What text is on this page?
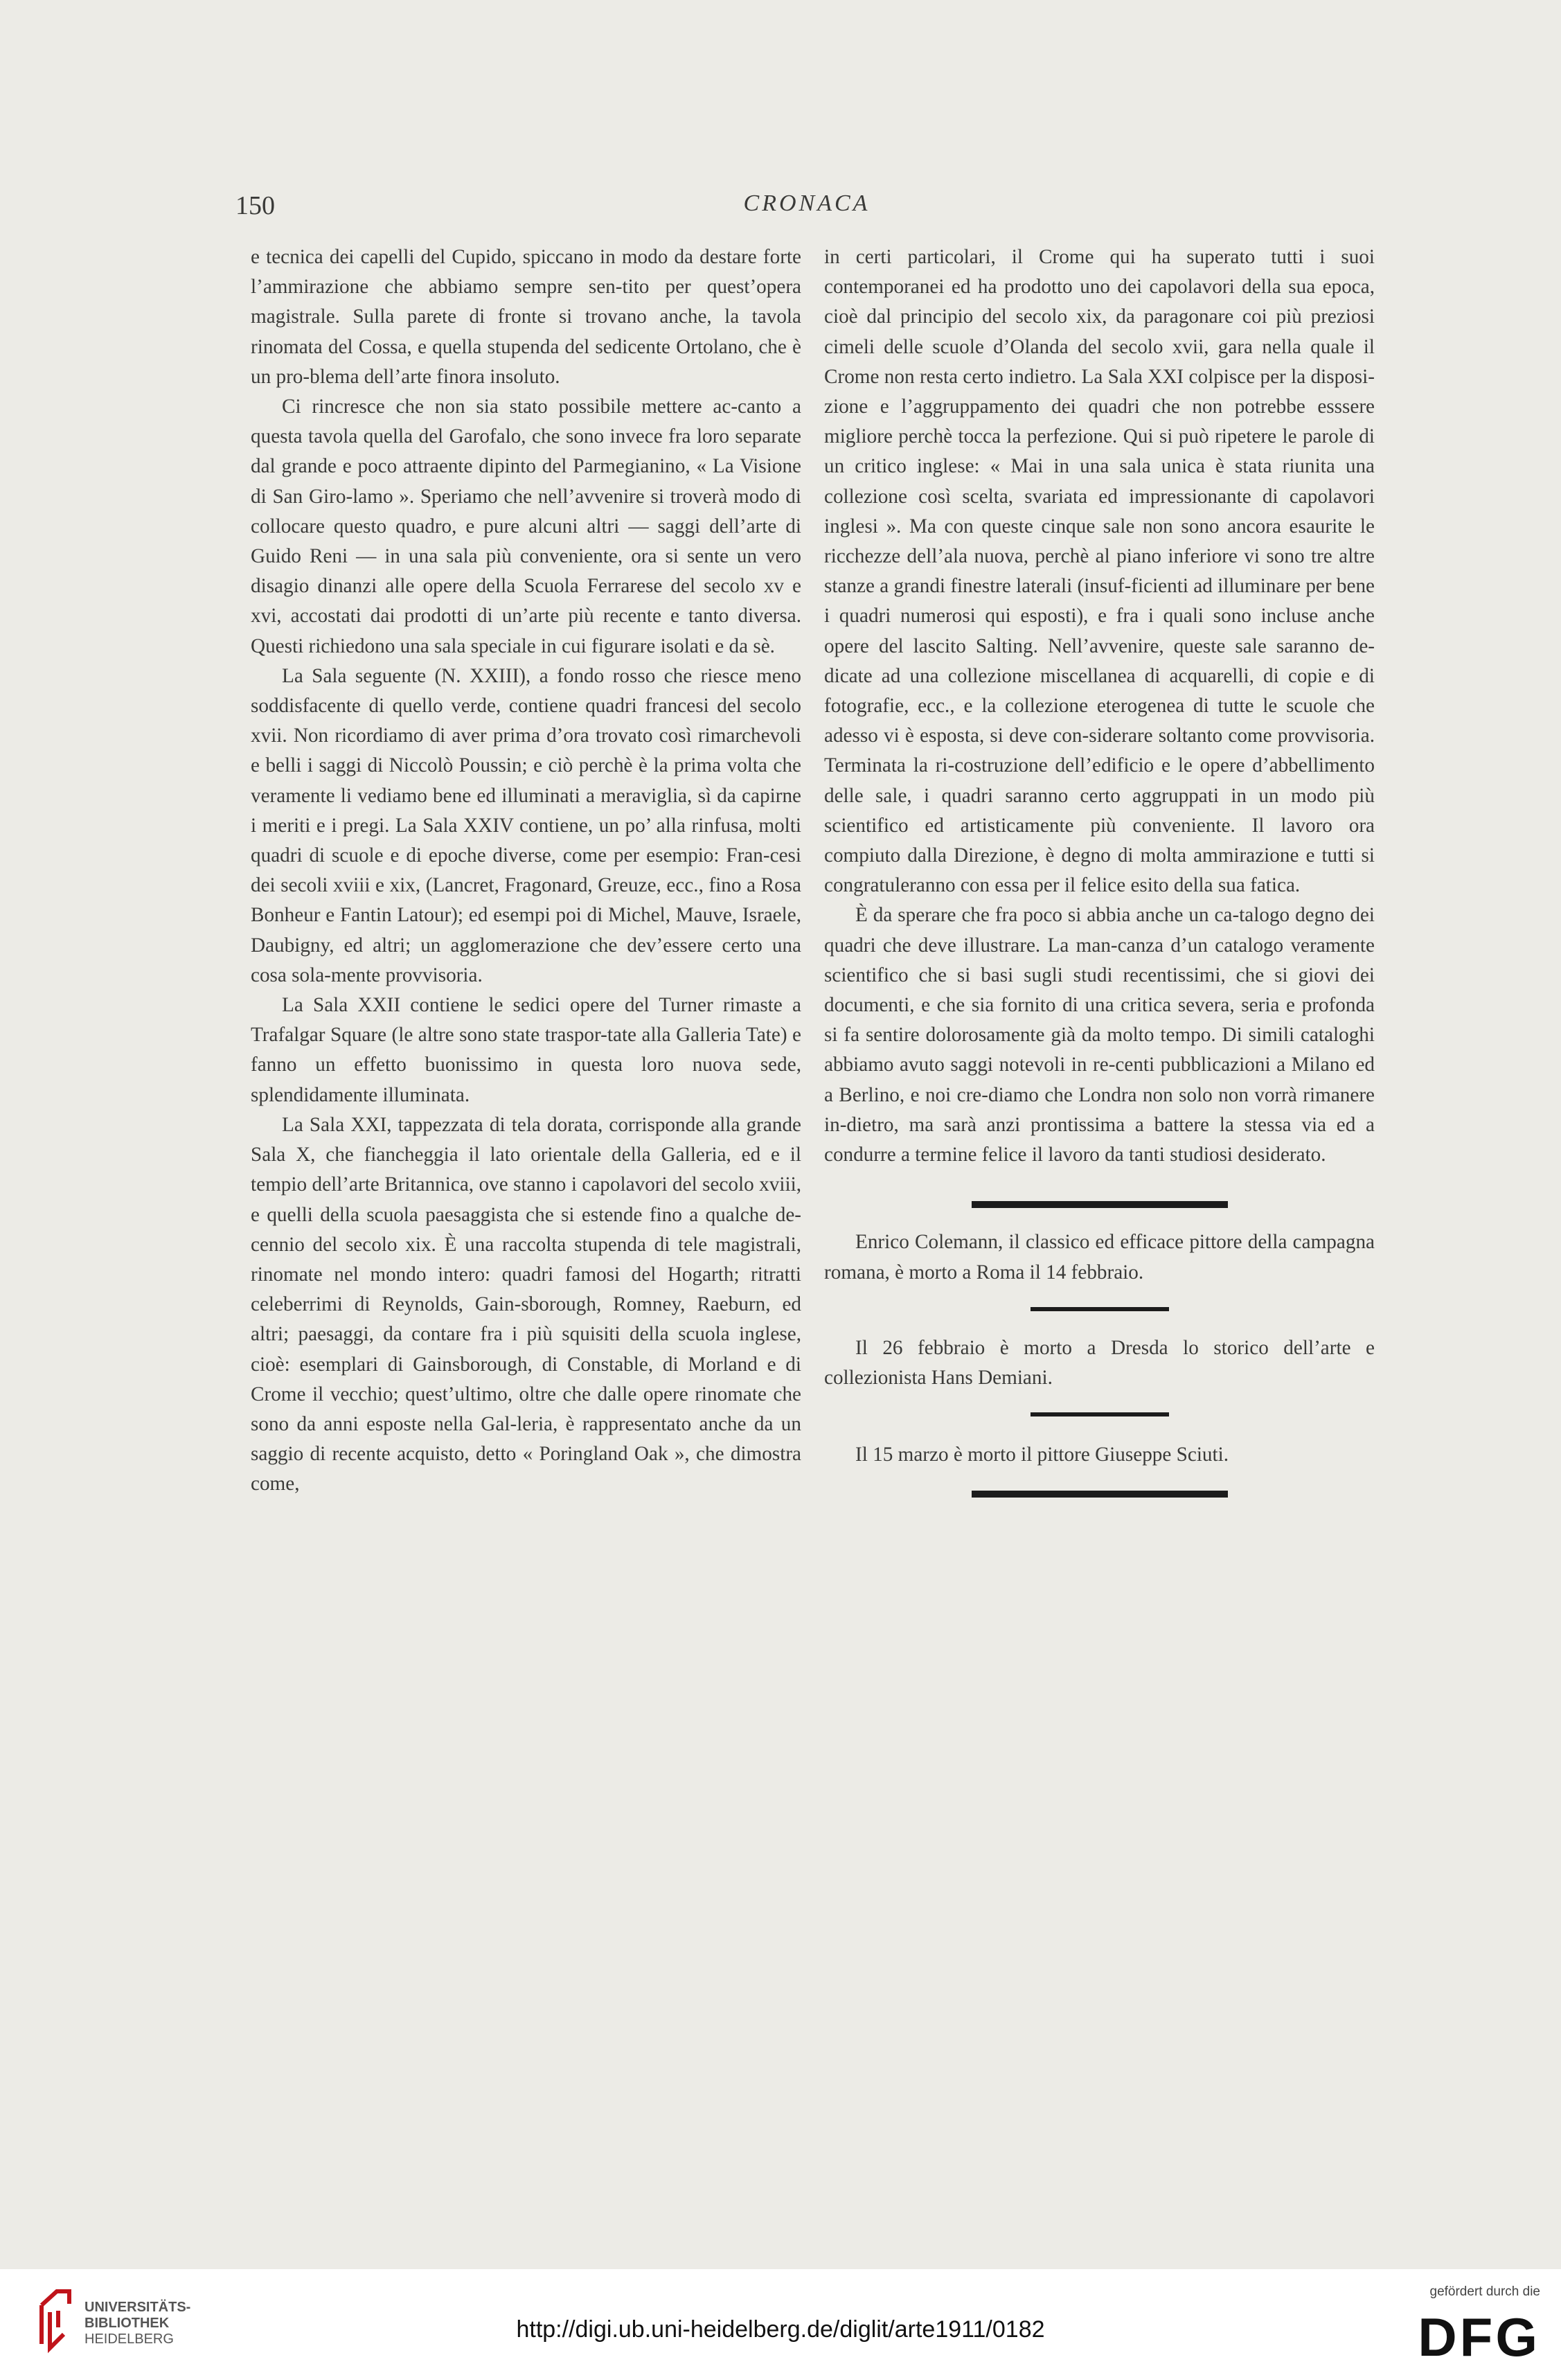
150	CRONACA

e tecnica dei capelli del Cupido, spiccano in modo da destare forte l’ammirazione che abbiamo sempre sen-tito per quest’opera magistrale. Sulla parete di fronte si trovano anche, la tavola rinomata del Cossa, e quella stupenda del sedicente Ortolano, che è un pro-blema dell’arte finora insoluto.

Ci rincresce che non sia stato possibile mettere ac-canto a questa tavola quella del Garofalo, che sono invece fra loro separate dal grande e poco attraente dipinto del Parmegianino, « La Visione di San Giro-lamo ». Speriamo che nell’avvenire si troverà modo di collocare questo quadro, e pure alcuni altri — saggi dell’arte di Guido Reni — in una sala più conveniente, ora si sente un vero disagio dinanzi alle opere della Scuola Ferrarese del secolo xv e xvi, accostati dai prodotti di un’arte più recente e tanto diversa. Questi richiedono una sala speciale in cui figurare isolati e da sè.

La Sala seguente (N. XXIII), a fondo rosso che riesce meno soddisfacente di quello verde, contiene quadri francesi del secolo xvii. Non ricordiamo di aver prima d’ora trovato così rimarchevoli e belli i saggi di Niccolò Poussin; e ciò perchè è la prima volta che veramente li vediamo bene ed illuminati a meraviglia, sì da capirne i meriti e i pregi. La Sala XXIV contiene, un po’ alla rinfusa, molti quadri di scuole e di epoche diverse, come per esempio: Fran-cesi dei secoli xviii e xix, (Lancret, Fragonard, Greuze, ecc., fino a Rosa Bonheur e Fantin Latour); ed esempi poi di Michel, Mauve, Israele, Daubigny, ed altri; un agglomerazione che dev’essere certo una cosa sola-mente provvisoria.

La Sala XXII contiene le sedici opere del Turner rimaste a Trafalgar Square (le altre sono state traspor-tate alla Galleria Tate) e fanno un effetto buonissimo in questa loro nuova sede, splendidamente illuminata.

La Sala XXI, tappezzata di tela dorata, corrisponde alla grande Sala X, che fiancheggia il lato orientale della Galleria, ed e il tempio dell’arte Britannica, ove stanno i capolavori del secolo xviii, e quelli della scuola paesaggista che si estende fino a qualche de-cennio del secolo xix. È una raccolta stupenda di tele magistrali, rinomate nel mondo intero: quadri famosi del Hogarth; ritratti celeberrimi di Reynolds, Gain-sborough, Romney, Raeburn, ed altri; paesaggi, da contare fra i più squisiti della scuola inglese, cioè: esemplari di Gainsborough, di Constable, di Morland e di Crome il vecchio; quest’ultimo, oltre che dalle opere rinomate che sono da anni esposte nella Gal-leria, è rappresentato anche da un saggio di recente acquisto, detto « Poringland Oak », che dimostra come,

in certi particolari, il Crome qui ha superato tutti i suoi contemporanei ed ha prodotto uno dei capolavori della sua epoca, cioè dal principio del secolo xix, da paragonare coi più preziosi cimeli delle scuole d’Olanda del secolo xvii, gara nella quale il Crome non resta certo indietro. La Sala XXI colpisce per la disposi-zione e l’aggruppamento dei quadri che non potrebbe esssere migliore perchè tocca la perfezione. Qui si può ripetere le parole di un critico inglese: « Mai in una sala unica è stata riunita una collezione così scelta, svariata ed impressionante di capolavori inglesi ». Ma con queste cinque sale non sono ancora esaurite le ricchezze dell’ala nuova, perchè al piano inferiore vi sono tre altre stanze a grandi finestre laterali (insuf-ficienti ad illuminare per bene i quadri numerosi qui esposti), e fra i quali sono incluse anche opere del lascito Salting. Nell’avvenire, queste sale saranno de-dicate ad una collezione miscellanea di acquarelli, di copie e di fotografie, ecc., e la collezione eterogenea di tutte le scuole che adesso vi è esposta, si deve con-siderare soltanto come provvisoria. Terminata la ri-costruzione dell’edificio e le opere d’abbellimento delle sale, i quadri saranno certo aggruppati in un modo più scientifico ed artisticamente più conveniente. Il lavoro ora compiuto dalla Direzione, è degno di molta ammirazione e tutti si congratuleranno con essa per il felice esito della sua fatica.

È da sperare che fra poco si abbia anche un ca-talogo degno dei quadri che deve illustrare. La man-canza d’un catalogo veramente scientifico che si basi sugli studi recentissimi, che si giovi dei documenti, e che sia fornito di una critica severa, seria e profonda si fa sentire dolorosamente già da molto tempo. Di simili cataloghi abbiamo avuto saggi notevoli in re-centi pubblicazioni a Milano ed a Berlino, e noi cre-diamo che Londra non solo non vorrà rimanere in-dietro, ma sarà anzi prontissima a battere la stessa via ed a condurre a termine felice il lavoro da tanti studiosi desiderato.

Enrico Colemann, il classico ed efficace pittore della campagna romana, è morto a Roma il 14 febbraio.

Il 26 febbraio è morto a Dresda lo storico dell’arte e collezionista Hans Demiani.

Il 15 marzo è morto il pittore Giuseppe Sciuti.

UNIVERSITÄTS-
BIBLIOTHEK
HEIDELBERG	http://digi.ub.uni-heidelberg.de/diglit/arte1911/0182
gefördert durch die
DFG
